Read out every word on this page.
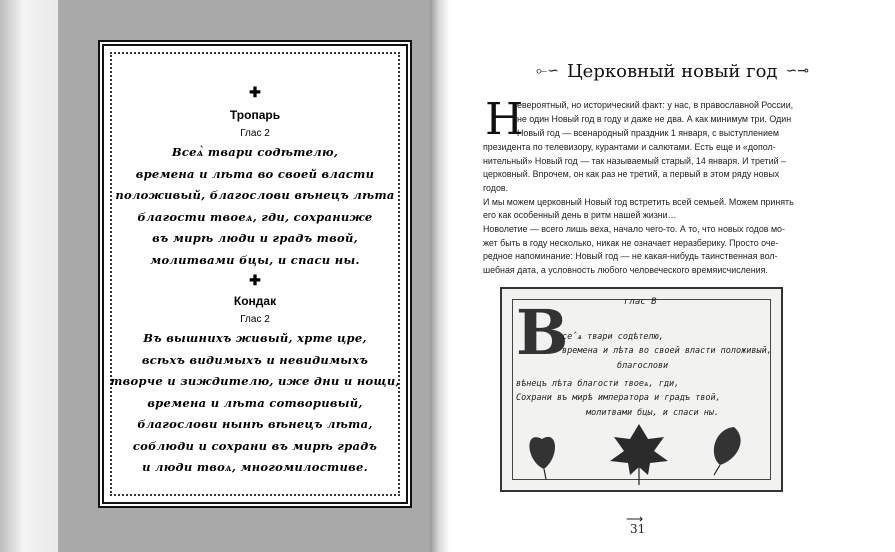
✚
Тропарь
Глас 2
Всеѧ̀ твари содѣтелю,
времена и лѣта во своей власти
положивый, благослови вѣнецъ лѣта
благости твоеѧ, гди, сохраниже
въ мирѣ люди и градъ твой,
молитвами бцы, и спаси ны.
✚
Кондак
Глас 2
Въ вышнихъ живый, хрте цре,
всѣхъ видимыхъ и невидимыхъ
творче и зиждителю, иже дни и нощи,
времена и лѣта сотворивый,
благослови нынѣ вѣнецъ лѣта,
соблюди и сохрани въ мирѣ градъ
и люди твоѧ, многомилостиве.
⟜∽ Церковный новый год ∽⊸
Н
евероятный, но исторический факт: у нас, в православной России,
не один Новый год в году и даже не два. А как минимум три. Один
Новый год — всенародный праздник 1 января, с выступлением
президента по телевизору, курантами и салютами. Есть еще и «допол-
нительный» Новый год — так называемый старый, 14 января. И третий –
церковный. Впрочем, он как раз не третий, а первый в этом ряду новых
годов.
И мы можем церковный Новый год встретить всей семьей. Можем принять
его как особенный день в ритм нашей жизни…
Новолетие — всего лишь веха, начало чего-то. А то, что новых годов мо-
жет быть в году несколько, никак не означает неразберику. Просто оче-
редное напоминание: Новый год — не какая-нибудь таинственная вол-
шебная дата, а условность любого человеческого времяисчисления.
глас В
В
се̂ѧ твари содѣтелю,
времена и лѣта во своей власти положивый,
благослови
вѣнецъ лѣта благости твоеѧ, гди,
Сохрани въ мирѣ императора и градъ твой,
молитвами бцы, и спаси ны.
⟶
31
